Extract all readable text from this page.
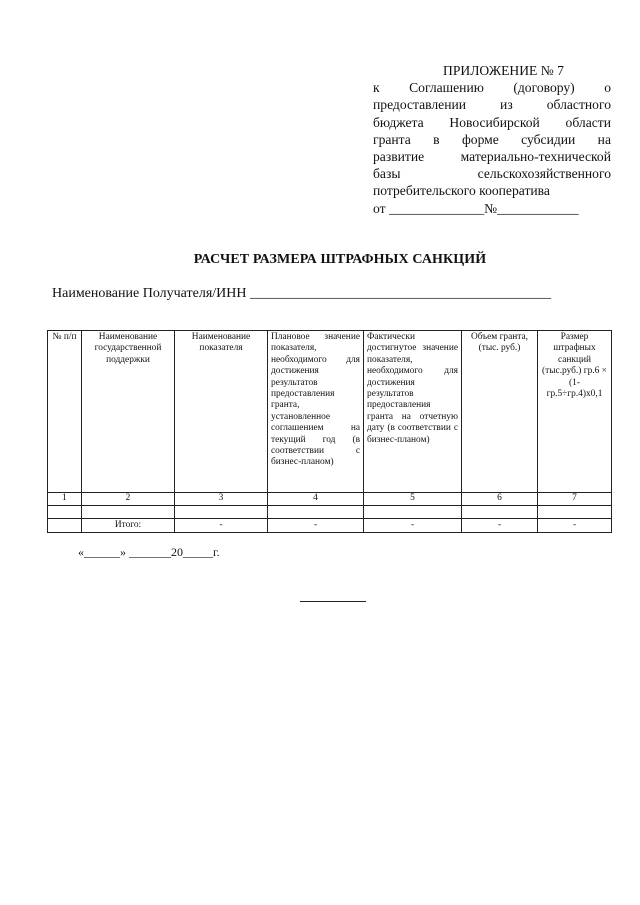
ПРИЛОЖЕНИЕ № 7

к Соглашению (договору) о

предоставлении из областного

бюджета Новосибирской области

гранта в форме субсидии на

развитие материально-технической

базы сельскохозяйственного

потребительского кооператива

от ______________№____________

РАСЧЕТ РАЗМЕРА ШТРАФНЫХ САНКЦИЙ
Наименование Получателя/ИНН ___________________________________________
№ п/п	Наименование государственной поддержки	Наименование показателя	Плановое значение показателя, необходимого для достижения результатов предоставления гранта, установленное соглашением на текущий год (в соответствии с бизнес-планом)	Фактически достигнутое значение показателя, необходимого для достижения результатов предоставления гранта на отчетную дату (в соответствии с бизнес-планом)	Объем гранта, (тыс. руб.)	Размер штрафных санкций (тыс.руб.) гр.6 × (1- гр.5÷гр.4)х0,1
1	2	3	4	5	6	7

	Итого:	-	-	-	-	-
«______» _______20_____г.
